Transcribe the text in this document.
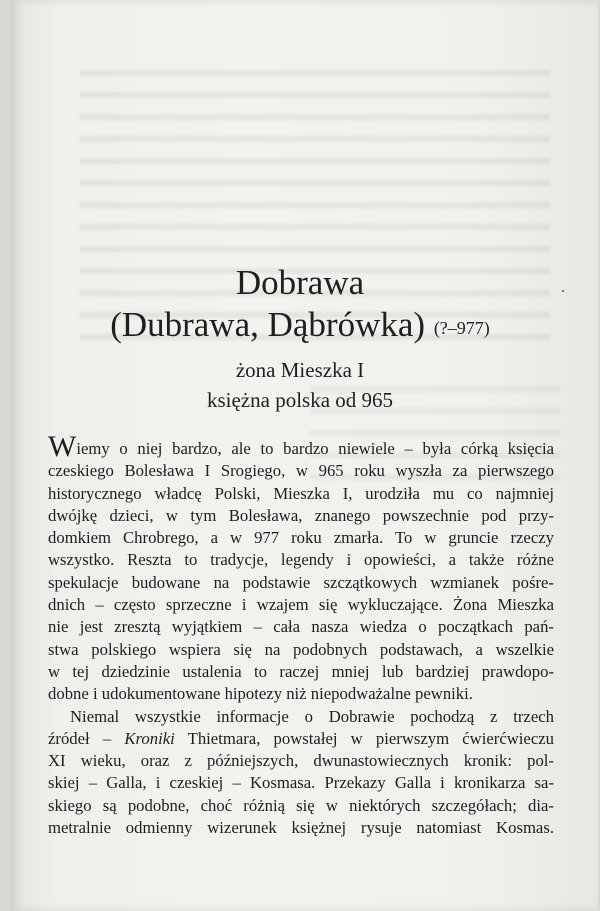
Dobrawa
(Dubrawa, Dąbrówka) (?–977)
żona Mieszka I
księżna polska od 965
Wiemy o niej bardzo, ale to bardzo niewiele – była córką księcia
czeskiego Bolesława I Srogiego, w 965 roku wyszła za pierwszego
historycznego władcę Polski, Mieszka I, urodziła mu co najmniej
dwójkę dzieci, w tym Bolesława, znanego powszechnie pod przy-
domkiem Chrobrego, a w 977 roku zmarła. To w gruncie rzeczy
wszystko. Reszta to tradycje, legendy i opowieści, a także różne
spekulacje budowane na podstawie szczątkowych wzmianek pośre-
dnich – często sprzeczne i wzajem się wykluczające. Żona Mieszka
nie jest zresztą wyjątkiem – cała nasza wiedza o początkach pań-
stwa polskiego wspiera się na podobnych podstawach, a wszelkie
w tej dziedzinie ustalenia to raczej mniej lub bardziej prawdopo-
dobne i udokumentowane hipotezy niż niepodważalne pewniki.
Niemal wszystkie informacje o Dobrawie pochodzą z trzech
źródeł – Kroniki Thietmara, powstałej w pierwszym ćwierćwieczu
XI wieku, oraz z późniejszych, dwunastowiecznych kronik: pol-
skiej – Galla, i czeskiej – Kosmasa. Przekazy Galla i kronikarza sa-
skiego są podobne, choć różnią się w niektórych szczegółach; dia-
metralnie odmienny wizerunek księżnej rysuje natomiast Kosmas.
